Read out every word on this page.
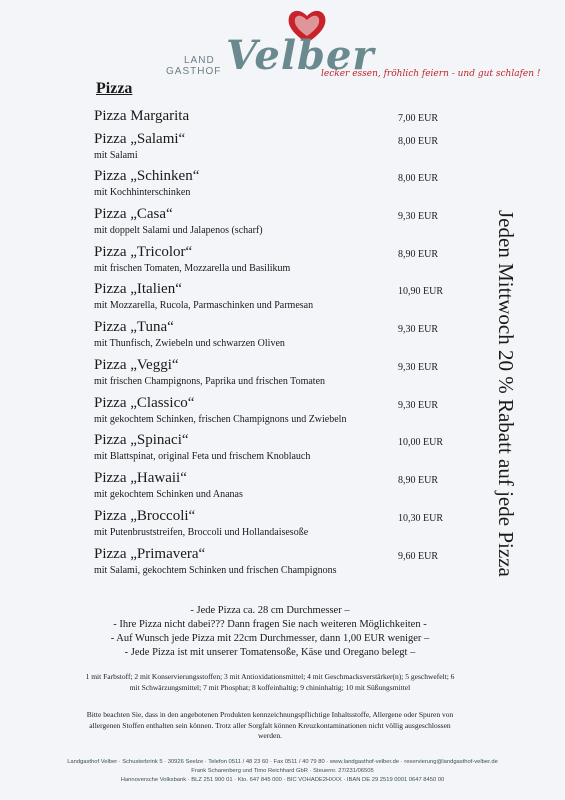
LAND
GASTHOF Velber
lecker essen, fröhlich feiern - und gut schlafen !
Pizza
Pizza Margarita	7,00 EUR
Pizza „Salami“
mit Salami
8,00 EUR
Pizza „Schinken“
mit Kochhinterschinken
8,00 EUR
Pizza „Casa“
mit doppelt Salami und Jalapenos (scharf)
9,30 EUR
Pizza „Tricolor“
mit frischen Tomaten, Mozzarella und Basilikum
8,90 EUR
Pizza „Italien“
mit Mozzarella, Rucola, Parmaschinken und Parmesan
10,90 EUR
Pizza „Tuna“
mit Thunfisch, Zwiebeln und schwarzen Oliven
9,30 EUR
Pizza „Veggi“
mit frischen Champignons, Paprika und frischen Tomaten
9,30 EUR
Pizza „Classico“
mit gekochtem Schinken, frischen Champignons und Zwiebeln
9,30 EUR
Pizza „Spinaci“
mit Blattspinat, original Feta und frischem Knoblauch
10,00 EUR
Pizza „Hawaii“
mit gekochtem Schinken und Ananas
8,90 EUR
Pizza „Broccoli“
mit Putenbruststreifen, Broccoli und Hollandaisesoße
10,30 EUR
Pizza „Primavera“
mit Salami, gekochtem Schinken und frischen Champignons
9,60 EUR	Jeden Mittwoch 20 % Rabatt auf jede Pizza
- Jede Pizza ca. 28 cm Durchmesser –
- Ihre Pizza nicht dabei??? Dann fragen Sie nach weiteren Möglichkeiten -
- Auf Wunsch jede Pizza mit 22cm Durchmesser, dann 1,00 EUR weniger –
- Jede Pizza ist mit unserer Tomatensoße, Käse und Oregano belegt –
1 mit Farbstoff; 2 mit Konservierungsstoffen; 3 mit Antioxidationsmittel; 4 mit Geschmacksverstärker(n); 5 geschwefelt; 6 mit Schwärzungsmittel; 7 mit Phosphat; 8 koffeinhaltig; 9 chininhaltig; 10 mit Süßungsmittel
Bitte beachten Sie, dass in den angebotenen Produkten kennzeichnungspflichtige Inhaltsstoffe, Allergene oder Spuren von allergenen Stoffen enthalten sein können. Trotz aller Sorgfalt können Kreuzkontaminationen nicht völlig ausgeschlossen werden.
Landgasthof Velber · Schusterbrink 5 · 30926 Seelze · Telefon 0511 / 48 23 60 · Fax 0511 / 40 79 80 · www.landgasthof-velber.de · reservierung@landgasthof-velber.de
Frank Scharenberg und Timo Reichhard GbR · Steuernr. 27/231/06505
Hannoversche Volksbank · BLZ 251 900 01 · Kto. 647 845 000 · BIC VOHADE2HXXX · IBAN DE 29 2519 0001 0647 8450 00
